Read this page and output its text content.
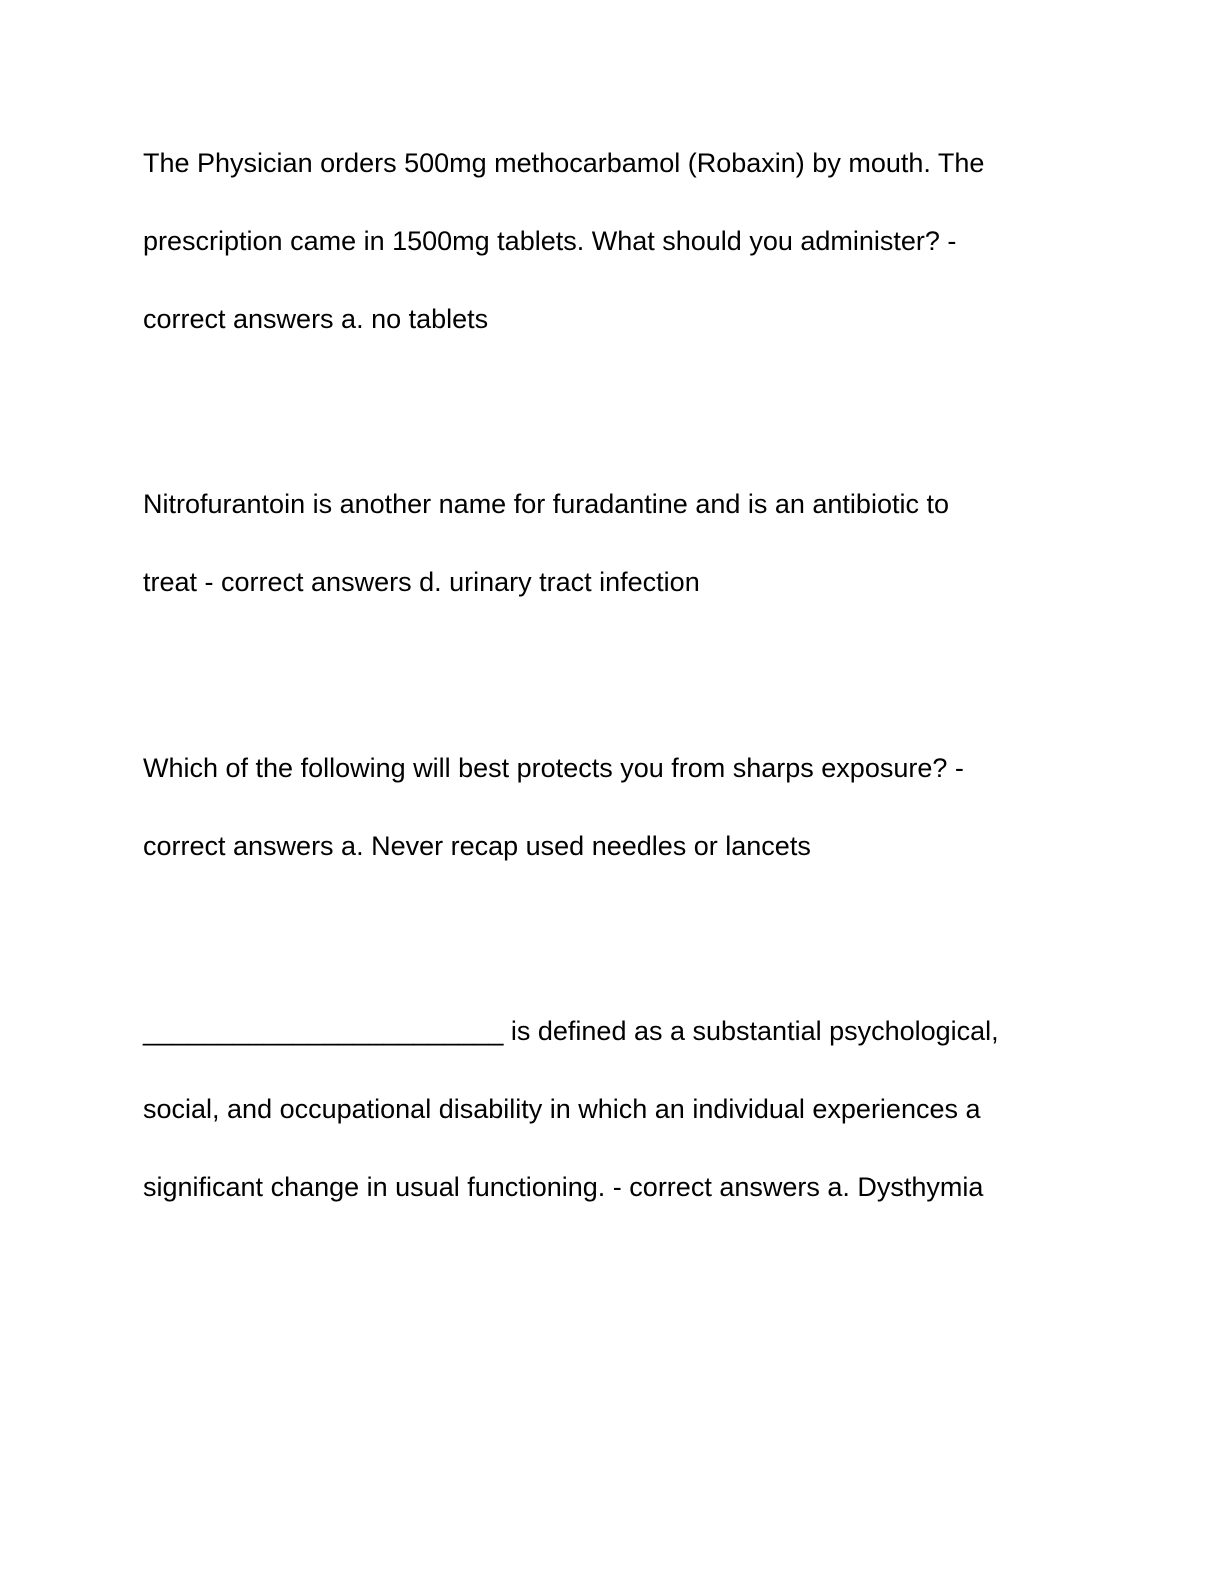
The Physician orders 500mg methocarbamol (Robaxin) by mouth. The
prescription came in 1500mg tablets. What should you administer? -
correct answers a. no tablets
Nitrofurantoin is another name for furadantine and is an antibiotic to
treat - correct answers d. urinary tract infection
Which of the following will best protects you from sharps exposure? -
correct answers a. Never recap used needles or lancets
________________________ is defined as a substantial psychological,
social, and occupational disability in which an individual experiences a
significant change in usual functioning. - correct answers a. Dysthymia
